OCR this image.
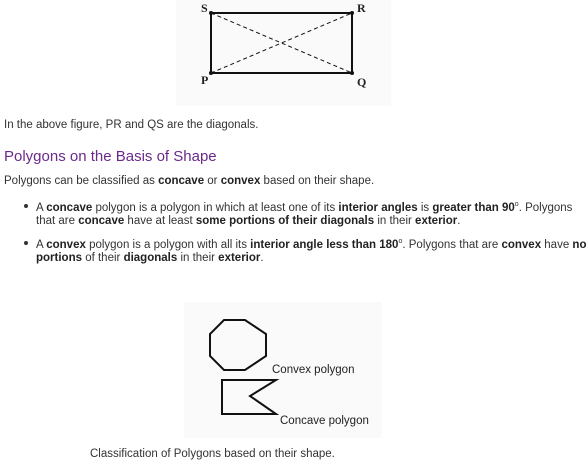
S	R
P	Q
In the above figure, PR and QS are the diagonals.
Polygons on the Basis of Shape
Polygons can be classified as concave or convex based on their shape.
A concave polygon is a polygon in which at least one of its interior angles is greater than 90$^o$. Polygons
that are concave have at least some portions of their diagonals in their exterior.
A convex polygon is a polygon with all its interior angle less than 180$^o$. Polygons that are convex have no
portions of their diagonals in their exterior.
Convex polygon
Concave polygon
Classification of Polygons based on their shape.
